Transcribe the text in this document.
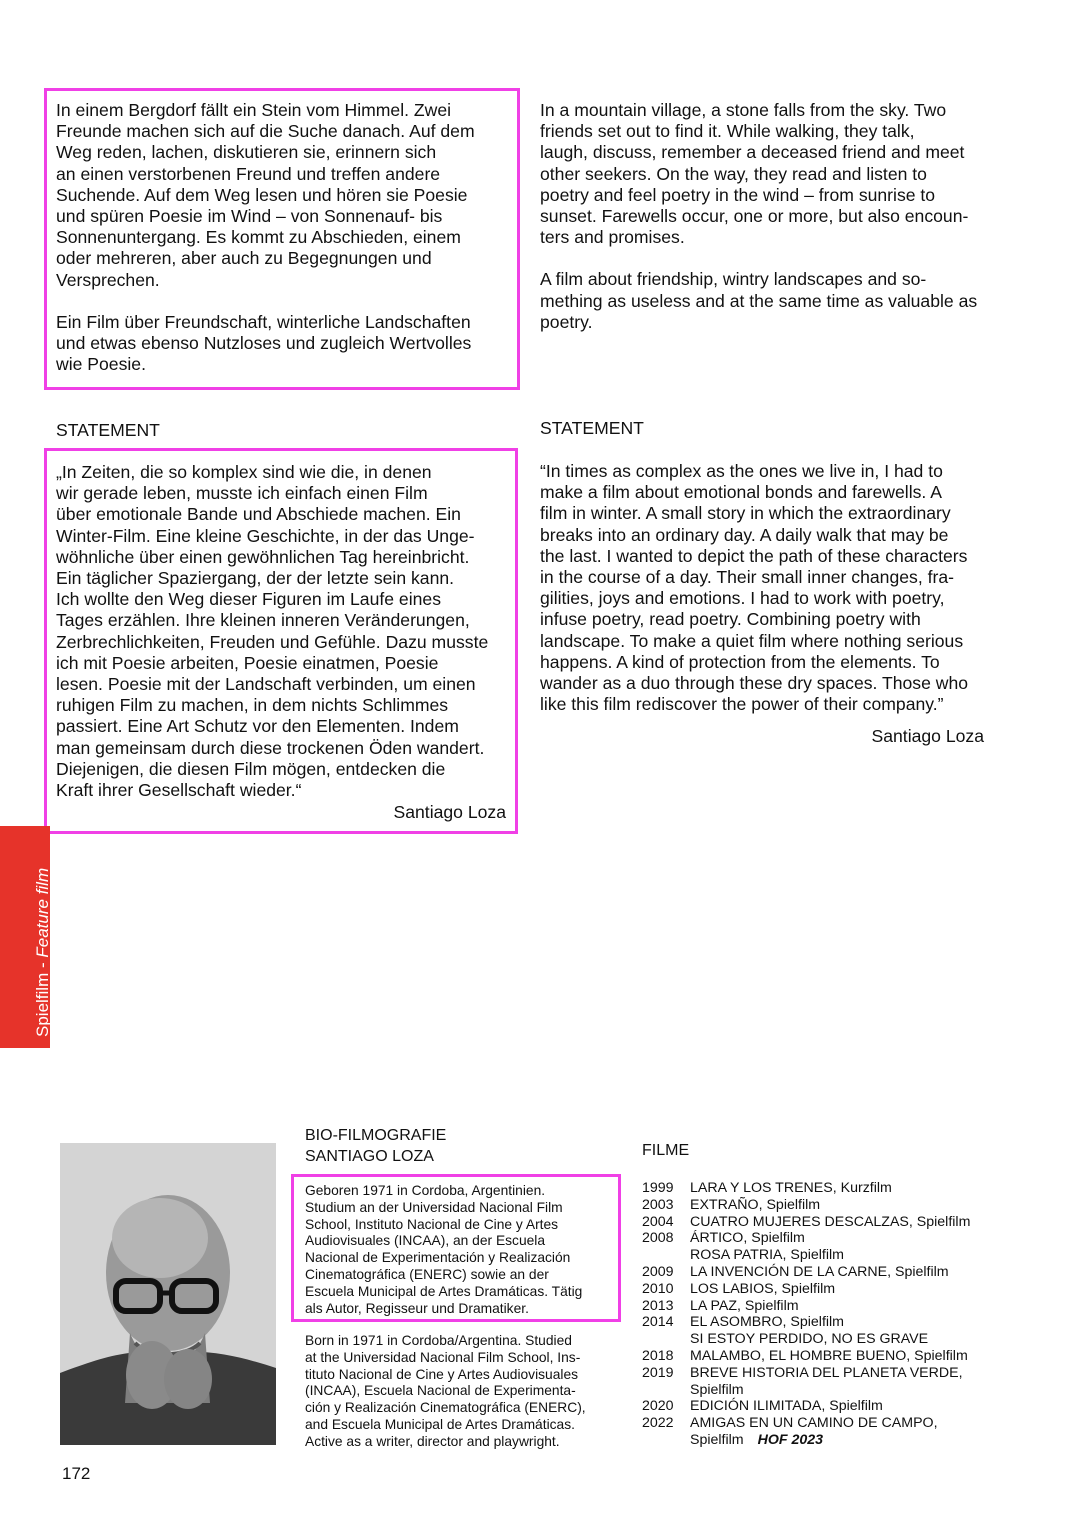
In einem Bergdorf fällt ein Stein vom Himmel. Zwei
Freunde machen sich auf die Suche danach. Auf dem
Weg reden, lachen, diskutieren sie, erinnern sich
an einen verstorbenen Freund und treffen andere
Suchende. Auf dem Weg lesen und hören sie Poesie
und spüren Poesie im Wind – von Sonnenauf- bis
Sonnenuntergang. Es kommt zu Abschieden, einem
oder mehreren, aber auch zu Begegnungen und
Versprechen.

Ein Film über Freundschaft, winterliche Landschaften
und etwas ebenso Nutzloses und zugleich Wertvolles
wie Poesie.

In a mountain village, a stone falls from the sky. Two
friends set out to find it. While walking, they talk,
laugh, discuss, remember a deceased friend and meet
other seekers. On the way, they read and listen to
poetry and feel poetry in the wind – from sunrise to
sunset. Farewells occur, one or more, but also encoun-
ters and promises.

A film about friendship, wintry landscapes and so-
mething as useless and at the same time as valuable as
poetry.

STATEMENT	STATEMENT

„In Zeiten, die so komplex sind wie die, in denen
wir gerade leben, musste ich einfach einen Film
über emotionale Bande und Abschiede machen. Ein
Winter-Film. Eine kleine Geschichte, in der das Unge-
wöhnliche über einen gewöhnlichen Tag hereinbricht.
Ein täglicher Spaziergang, der der letzte sein kann.
Ich wollte den Weg dieser Figuren im Laufe eines
Tages erzählen. Ihre kleinen inneren Veränderungen,
Zerbrechlichkeiten, Freuden und Gefühle. Dazu musste
ich mit Poesie arbeiten, Poesie einatmen, Poesie
lesen. Poesie mit der Landschaft verbinden, um einen
ruhigen Film zu machen, in dem nichts Schlimmes
passiert. Eine Art Schutz vor den Elementen. Indem
man gemeinsam durch diese trockenen Öden wandert.
Diejenigen, die diesen Film mögen, entdecken die
Kraft ihrer Gesellschaft wieder.“

Santiago Loza

“In times as complex as the ones we live in, I had to
make a film about emotional bonds and farewells. A
film in winter. A small story in which the extraordinary
breaks into an ordinary day. A daily walk that may be
the last. I wanted to depict the path of these characters
in the course of a day. Their small inner changes, fra-
gilities, joys and emotions. I had to work with poetry,
infuse poetry, read poetry. Combining poetry with
landscape. To make a quiet film where nothing serious
happens. A kind of protection from the elements. To
wander as a duo through these dry spaces. Those who
like this film rediscover the power of their company.”

Santiago Loza

Spielfilm - Feature film

BIO-FILMOGRAFIE

SANTIAGO LOZA

Geboren 1971 in Cordoba, Argentinien.
Studium an der Universidad Nacional Film
School, Instituto Nacional de Cine y Artes
Audiovisuales (INCAA), an der Escuela
Nacional de Experimentación y Realización
Cinematográfica (ENERC) sowie an der
Escuela Municipal de Artes Dramáticas. Tätig
als Autor, Regisseur und Dramatiker.

Born in 1971 in Cordoba/Argentina. Studied
at the Universidad Nacional Film School, Ins-
tituto Nacional de Cine y Artes Audiovisuales
(INCAA), Escuela Nacional de Experimenta-
ción y Realización Cinematográfica (ENERC),
and Escuela Municipal de Artes Dramáticas.
Active as a writer, director and playwright.

FILME

1999	LARA Y LOS TRENES, Kurzfilm
2003	EXTRAÑO, Spielfilm
2004	CUATRO MUJERES DESCALZAS, Spielfilm
2008	ÁRTICO, Spielfilm
ROSA PATRIA, Spielfilm
2009	LA INVENCIÓN DE LA CARNE, Spielfilm
2010	LOS LABIOS, Spielfilm
2013	LA PAZ, Spielfilm
2014	EL ASOMBRO, Spielfilm
SI ESTOY PERDIDO, NO ES GRAVE
2018	MALAMBO, EL HOMBRE BUENO, Spielfilm
2019	BREVE HISTORIA DEL PLANETA VERDE,
Spielfilm
2020	EDICIÓN ILIMITADA, Spielfilm
2022	AMIGAS EN UN CAMINO DE CAMPO,
Spielfilm HOF 2023

172
